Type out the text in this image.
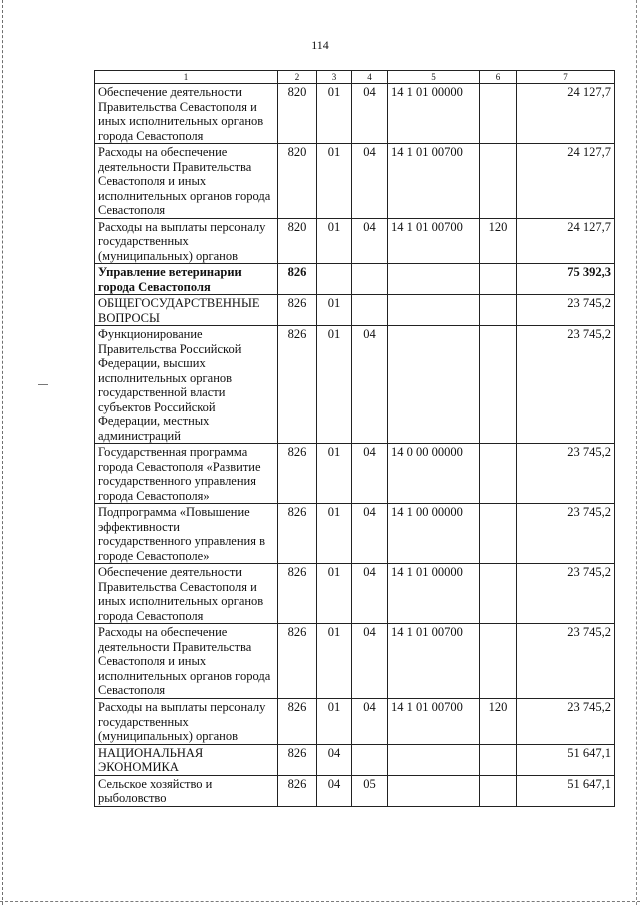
114
1	2	3	4	5	6	7
Обеспечение деятельности Правительства Севастополя и иных исполнительных органов города Севастополя	820	01	04	14 1 01 00000		24 127,7
Расходы на обеспечение деятельности Правительства Севастополя и иных исполнительных органов города Севастополя	820	01	04	14 1 01 00700		24 127,7
Расходы на выплаты персоналу государственных (муниципальных) органов	820	01	04	14 1 01 00700	120	24 127,7
Управление ветеринарии города Севастополя	826					75 392,3
ОБЩЕГОСУДАРСТВЕННЫЕ ВОПРОСЫ	826	01				23 745,2
Функционирование Правительства Российской Федерации, высших исполнительных органов государственной власти субъектов Российской Федерации, местных администраций	826	01	04			23 745,2
Государственная программа города Севастополя «Развитие государственного управления города Севастополя»	826	01	04	14 0 00 00000		23 745,2
Подпрограмма «Повышение эффективности государственного управления в городе Севастополе»	826	01	04	14 1 00 00000		23 745,2
Обеспечение деятельности Правительства Севастополя и иных исполнительных органов города Севастополя	826	01	04	14 1 01 00000		23 745,2
Расходы на обеспечение деятельности Правительства Севастополя и иных исполнительных органов города Севастополя	826	01	04	14 1 01 00700		23 745,2
Расходы на выплаты персоналу государственных (муниципальных) органов	826	01	04	14 1 01 00700	120	23 745,2
НАЦИОНАЛЬНАЯ ЭКОНОМИКА	826	04				51 647,1
Сельское хозяйство и рыболовство	826	04	05			51 647,1
